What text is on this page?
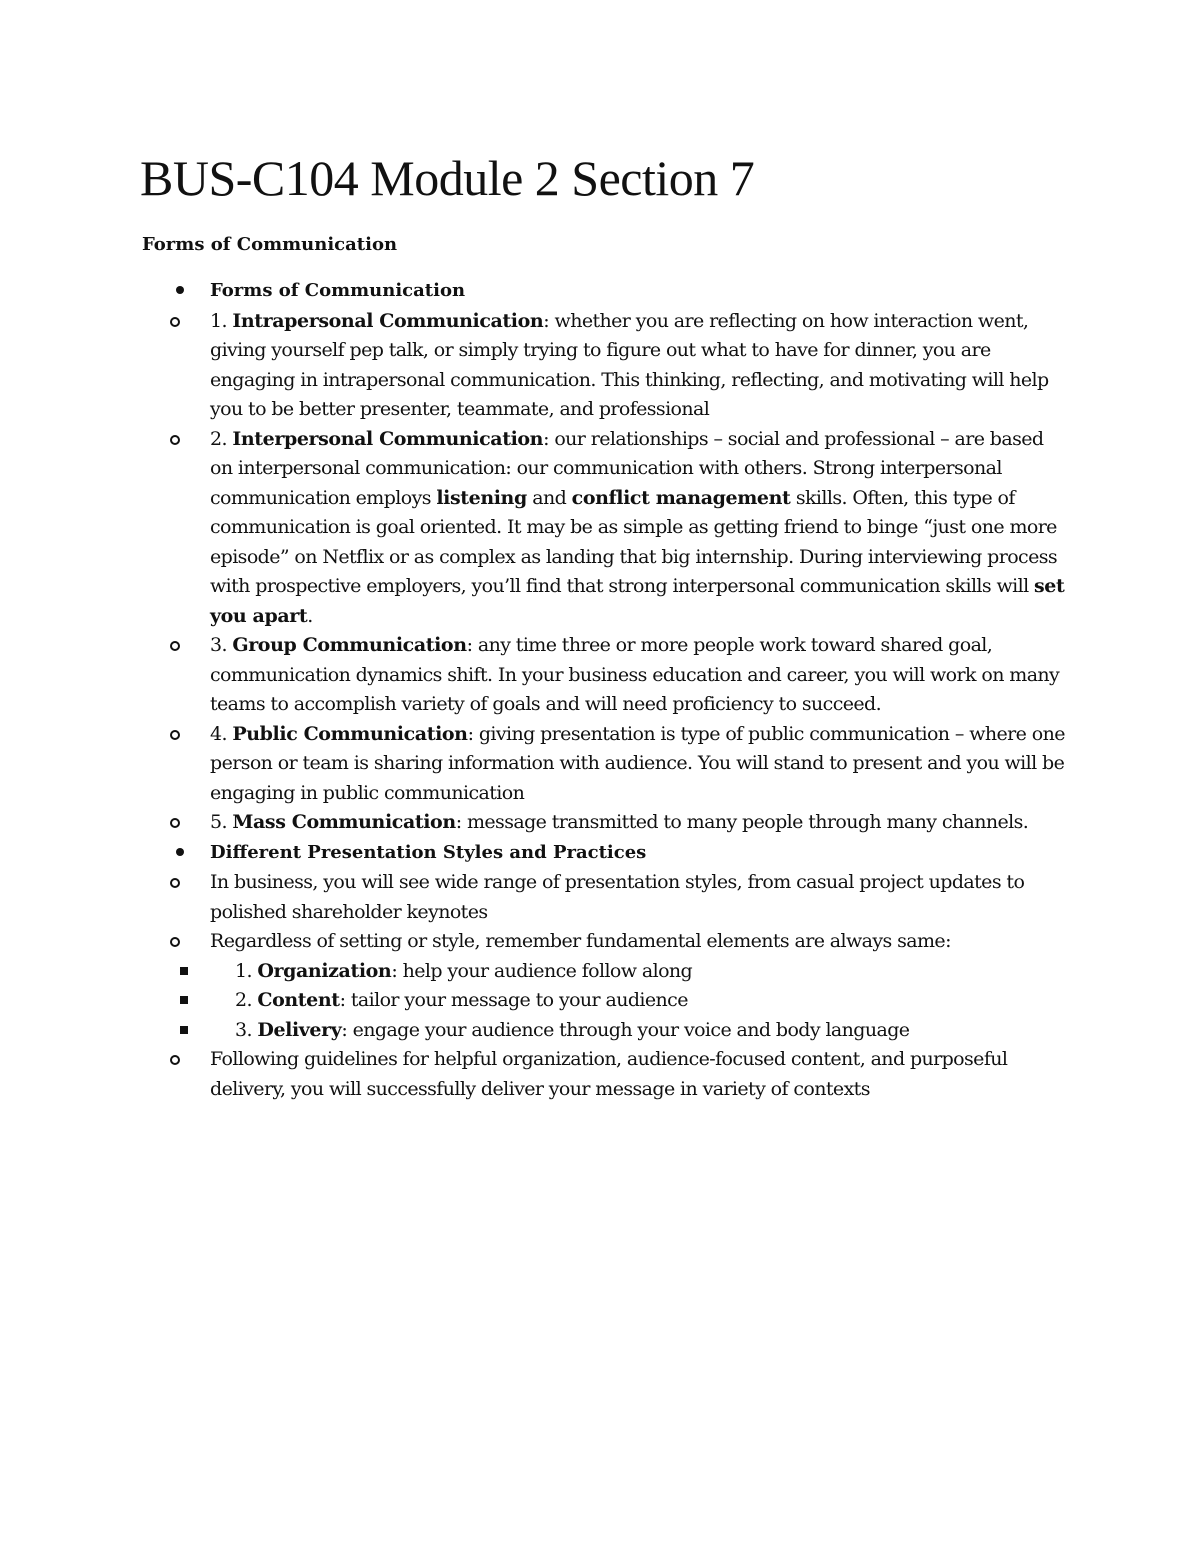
BUS-C104 Module 2 Section 7
Forms of Communication
Forms of Communication
1. Intrapersonal Communication: whether you are reflecting on how interaction went, giving yourself pep talk, or simply trying to figure out what to have for dinner, you are engaging in intrapersonal communication. This thinking, reflecting, and motivating will help you to be better presenter, teammate, and professional
2. Interpersonal Communication: our relationships – social and professional – are based on interpersonal communication: our communication with others. Strong interpersonal communication employs listening and conflict management skills. Often, this type of communication is goal oriented. It may be as simple as getting friend to binge “just one more episode” on Netflix or as complex as landing that big internship. During interviewing process with prospective employers, you’ll find that strong interpersonal communication skills will set you apart.
3. Group Communication: any time three or more people work toward shared goal, communication dynamics shift. In your business education and career, you will work on many teams to accomplish variety of goals and will need proficiency to succeed.
4. Public Communication: giving presentation is type of public communication – where one person or team is sharing information with audience. You will stand to present and you will be engaging in public communication
5. Mass Communication: message transmitted to many people through many channels.
Different Presentation Styles and Practices
In business, you will see wide range of presentation styles, from casual project updates to polished shareholder keynotes
Regardless of setting or style, remember fundamental elements are always same:
1. Organization: help your audience follow along
2. Content: tailor your message to your audience
3. Delivery: engage your audience through your voice and body language
Following guidelines for helpful organization, audience-focused content, and purposeful delivery, you will successfully deliver your message in variety of contexts
